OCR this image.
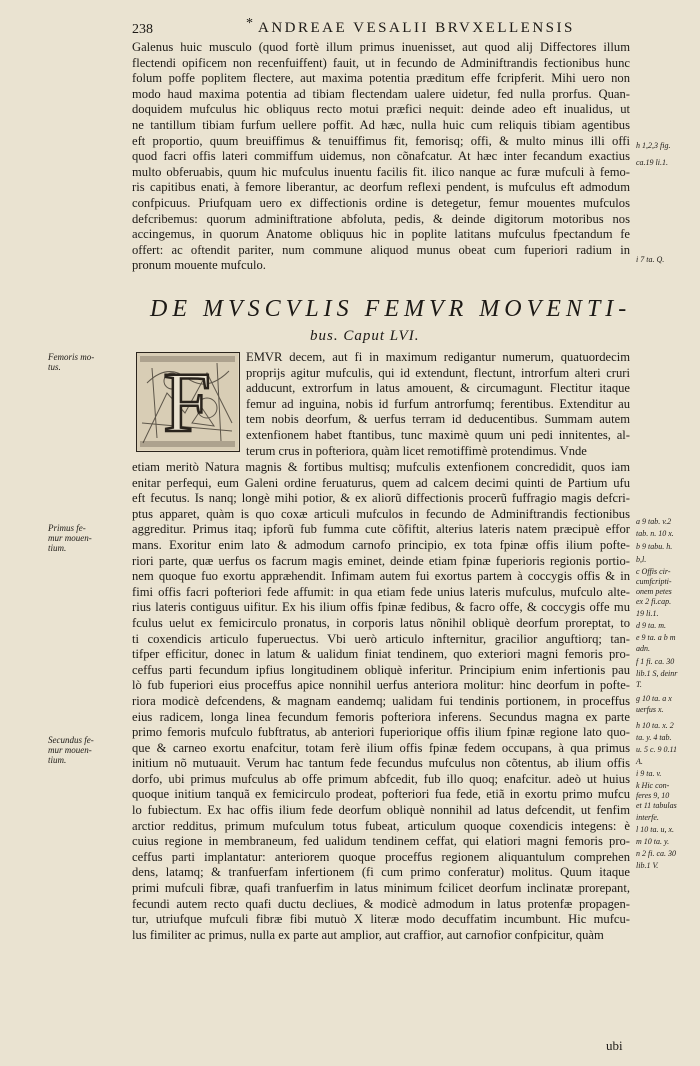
238	* ANDREAE VESALII BRVXELLENSIS
Galenus huic musculo (quod fortè illum primus inuenisset, aut quod alij Diffectores illum
flectendi opificem non recenfuiffent) fauit, ut in fecundo de Adminiftrandis fectionibus hunc
folum poffe poplitem flectere, aut maxima potentia præditum effe fcripferit. Mihi uero non
modo haud maxima potentia ad tibiam flectendam ualere uidetur, fed nulla prorfus. Quan-
doquidem mufculus hic obliquus recto motui præfici nequit: deinde adeo eft inualidus, ut
ne tantillum tibiam furfum uellere poffit. Ad hæc, nulla huic cum reliquis tibiam agentibus
eft proportio, quum breuiffimus & tenuiffimus fit, femorisq; offi, & multo minus illi offi
quod facri offis lateri commiffum uidemus, non cõnafcatur. At hæc inter fecandum exactius
multo obferuabis, quum hic mufculus inuentu facilis fit. ilico nanque ac furæ mufculi à femo-
ris capitibus enati, à femore liberantur, ac deorfum reflexi pendent, is mufculus eft admodum
confpicuus. Priufquam uero ex diffectionis ordine is detegetur, femur mouentes mufculos
defcribemus: quorum adminiftratione abfoluta, pedis, & deinde digitorum motoribus nos
accingemus, in quorum Anatome obliquus hic in poplite latitans mufculus fpectandum fe
offert: ac oftendit pariter, num commune aliquod munus obeat cum fuperiori radium in
pronum mouente mufculo.
DE MVSCVLIS FEMVR MOVENTI-
bus. Caput LVI.
F	EMVR decem, aut fi in maximum redigantur numerum, quatuordecim
proprijs agitur mufculis, qui id extendunt, flectunt, introrfum alteri cruri
adducunt, extrorfum in latus amouent, & circumagunt. Flectitur itaque
femur ad inguina, nobis id furfum antrorfumq; ferentibus. Extenditur au
tem nobis deorfum, & uerfus terram id deducentibus. Summam autem
extenfionem habet ftantibus, tunc maximè quum uni pedi innitentes, al-
terum crus in pofteriora, quàm licet remotiffimè protendimus. Vnde
etiam meritò Natura magnis & fortibus multisq; mufculis extenfionem concredidit, quos iam
enitar perfequi, eum Galeni ordine feruaturus, quem ad calcem decimi quinti de Partium ufu
eft fecutus. Is nanq; longè mihi potior, & ex aliorũ diffectionis procerũ fuffragio magis defcri-
ptus apparet, quàm is quo coxæ articuli mufculos in fecundo de Adminiftrandis fectionibus
aggreditur. Primus itaq; ipforũ fub fumma cute cõfiftit, alterius lateris natem præcipuè effor
mans. Exoritur enim lato & admodum carnofo principio, ex tota fpinæ offis ilium pofte-
riori parte, quæ uerfus os facrum magis eminet, deinde etiam fpinæ fuperioris regionis portio-
nem quoque fuo exortu appræhendit. Infimam autem fui exortus partem à coccygis offis & in
fimi offis facri pofteriori fede affumit: in qua etiam fede unius lateris mufculus, mufculo alte-
rius lateris contiguus uifitur. Ex his ilium offis fpinæ fedibus, & facro offe, & coccygis offe mu
fculus uelut ex femicirculo pronatus, in corporis latus nõnihil obliquè deorfum proreptat, to
ti coxendicis articulo fuperuectus. Vbi uerò articulo infternitur, gracilior anguftiorq; tan-
tifper efficitur, donec in latum & ualidum finiat tendinem, quo exteriori magni femoris pro-
ceffus parti fecundum ipfius longitudinem obliquè inferitur. Principium enim infertionis pau
lò fub fuperiori eius proceffus apice nonnihil uerfus anteriora molitur: hinc deorfum in pofte-
riora modicè defcendens, & magnam eandemq; ualidam fui tendinis portionem, in proceffus
eius radicem, longa linea fecundum femoris pofteriora inferens. Secundus magna ex parte
primo femoris mufculo fubftratus, ab anteriori fuperiorique offis ilium fpinæ regione lato quo-
que & carneo exortu enafcitur, totam ferè ilium offis fpinæ fedem occupans, à qua primus
initium nõ mutuauit. Verum hac tantum fede fecundus mufculus non cõtentus, ab ilium offis
dorfo, ubi primus mufculus ab offe primum abfcedit, fub illo quoq; enafcitur. adeò ut huius
quoque initium tanquã ex femicirculo prodeat, pofteriori fua fede, etiã in exortu primo mufcu
lo fubiectum. Ex hac offis ilium fede deorfum obliquè nonnihil ad latus defcendit, ut fenfim
arctior redditus, primum mufculum totus fubeat, articulum quoque coxendicis integens: è
cuius regione in membraneum, fed ualidum tendinem ceffat, qui elatiori magni femoris pro-
ceffus parti implantatur: anteriorem quoque proceffus regionem aliquantulum comprehen
dens, latamq; & tranfuerfam infertionem (fi cum primo conferatur) molitus. Quum itaque
primi mufculi fibræ, quafi tranfuerfim in latus minimum fcilicet deorfum inclinatæ prorepant,
fecundi autem recto quafi ductu decliues, & modicè admodum in latus protenfæ propagen-
tur, utriufque mufculi fibræ fibi mutuò X literæ modo decuffatim incumbunt. Hic mufcu-
lus fimiliter ac primus, nulla ex parte aut amplior, aut craffior, aut carnofior confpicitur, quàm
Femoris mo-
tus.
Primus fe-
mur mouen-
tium.
Secundus fe-
mur mouen-
tium.
h 1,2,3 fig.
ca.19 li.1.
i 7 ta. Q.
a 9 tab. v.2
tab. n. 10 x.
b 9 tabu. h.
b,l.
c Offis cir-
cumfcripti-
onem petes
ex 2 fi.cap.
19 li.1.
d 9 ta. m.
e 9 ta. a b m
adn.
f 1 fi. ca. 30
lib.1 S, deinr
T.
g 10 ta. a x
uerfus x.
h 10 ta. x. 2
ta. y. 4 tab.
u. 5 c. 9 0.11
A.
i 9 ta. v.
k Hic con-
feres 9, 10
et 11 tabulas
interfe.
l 10 ta. u, x.
m 10 ta. y.
n 2 fi. ca. 30
lib.1 V.
ubi
